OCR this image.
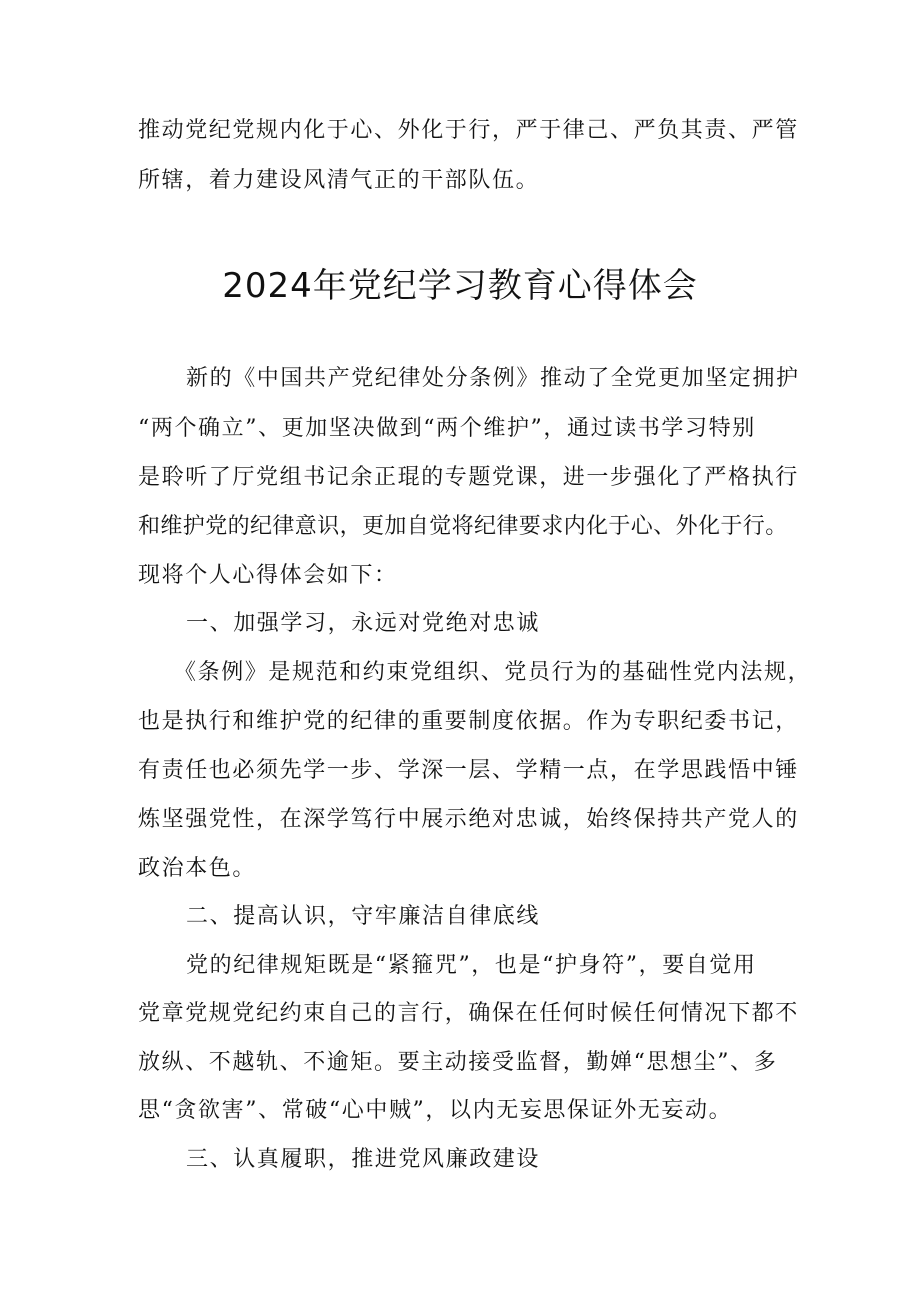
推动党纪党规内化于心、外化于行，严于律己、严负其责、严管
所辖，着力建设风清气正的干部队伍。
2024年党纪学习教育心得体会
新的《中国共产党纪律处分条例》推动了全党更加坚定拥护
“两个确立”、更加坚决做到“两个维护”，通过读书学习特别
是聆听了厅党组书记余正琨的专题党课，进一步强化了严格执行
和维护党的纪律意识，更加自觉将纪律要求内化于心、外化于行。
现将个人心得体会如下：
一、加强学习，永远对党绝对忠诚
《条例》是规范和约束党组织、党员行为的基础性党内法规，
也是执行和维护党的纪律的重要制度依据。作为专职纪委书记，
有责任也必须先学一步、学深一层、学精一点，在学思践悟中锤
炼坚强党性，在深学笃行中展示绝对忠诚，始终保持共产党人的
政治本色。
二、提高认识，守牢廉洁自律底线
党的纪律规矩既是“紧箍咒”，也是“护身符”，要自觉用
党章党规党纪约束自己的言行，确保在任何时候任何情况下都不
放纵、不越轨、不逾矩。要主动接受监督，勤婵“思想尘”、多
思“贪欲害”、常破“心中贼”，以内无妄思保证外无妄动。
三、认真履职，推进党风廉政建设
